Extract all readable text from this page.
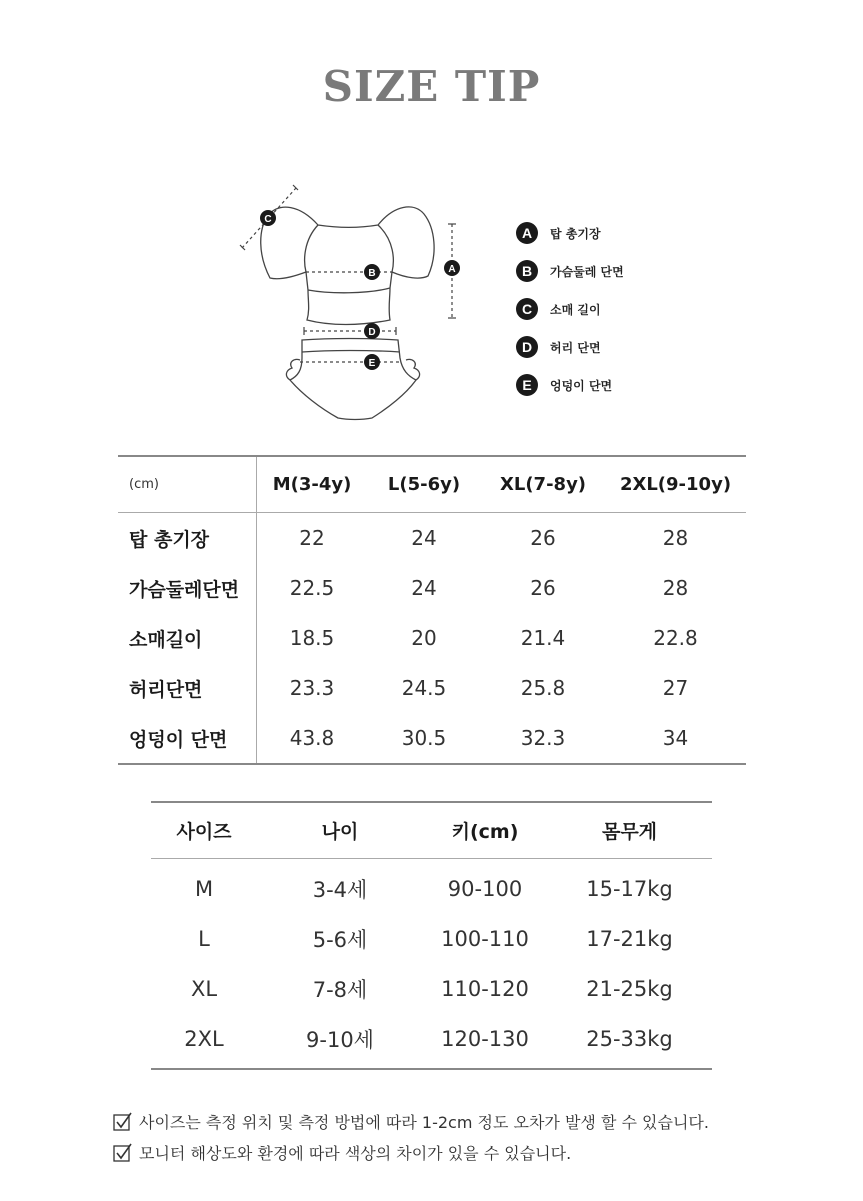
SIZE TIP
C
B	A
D
E
A	탑 총기장
B	가슴둘레 단면
C	소매 길이
D	허리 단면
E	엉덩이 단면
(cm)	M(3-4y)	L(5-6y)	XL(7-8y)	2XL(9-10y)
탑 총기장	22	24	26	28
가슴둘레단면	22.5	24	26	28
소매길이	18.5	20	21.4	22.8
허리단면	23.3	24.5	25.8	27
엉덩이 단면	43.8	30.5	32.3	34
사이즈	나이	키(cm)	몸무게
M	3-4세	90-100	15-17kg
L	5-6세	100-110	17-21kg
XL	7-8세	110-120	21-25kg
2XL	9-10세	120-130	25-33kg
사이즈는 측정 위치 및 측정 방법에 따라 1-2cm 정도 오차가 발생 할 수 있습니다.
모니터 해상도와 환경에 따라 색상의 차이가 있을 수 있습니다.
